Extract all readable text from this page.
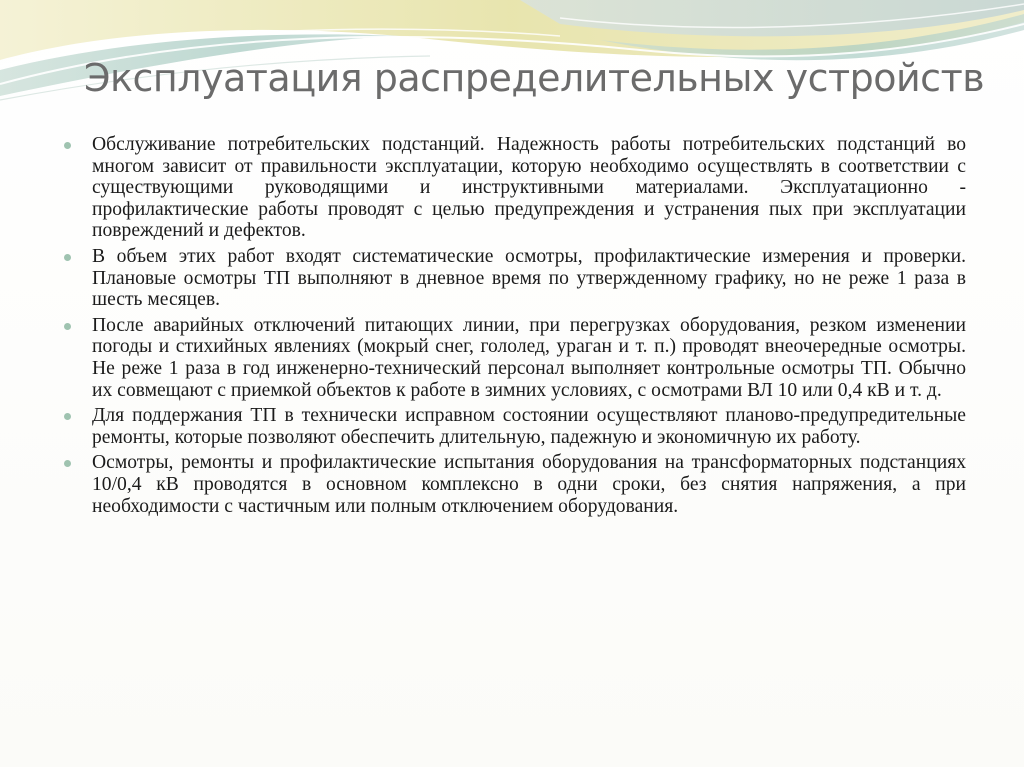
Эксплуатация распределительных устройств
Обслуживание потребительских подстанций. Надежность работы потребительских подстанций во многом зависит от правильности эксплуатации, которую необходимо осуществлять в соответствии с существующими руководящими и инструктивными материалами. Эксплуатационно - профилактические работы проводят с целью предупреждения и устранения пых при эксплуатации повреждений и дефектов.
В объем этих работ входят систематические осмотры, профилактические измерения и проверки. Плановые осмотры ТП выполняют в дневное время по утвержденному графику, но не реже 1 раза в шесть месяцев.
После аварийных отключений питающих линии, при перегрузках оборудования, резком изменении погоды и стихийных явлениях (мокрый снег, гололед, ураган и т. п.) проводят внеочередные осмотры. Не реже 1 раза в год инженерно-технический персонал выполняет контрольные осмотры ТП. Обычно их совмещают с приемкой объектов к работе в зимних условиях, с осмотрами ВЛ 10 или 0,4 кВ и т. д.
Для поддержания ТП в технически исправном состоянии осуществляют планово-предупредительные ремонты, которые позволяют обеспечить длительную, падежную и экономичную их работу.
Осмотры, ремонты и профилактические испытания оборудования на трансформаторных подстанциях 10/0,4 кВ проводятся в основном комплексно в одни сроки, без снятия напряжения, а при необходимости с частичным или полным отключением оборудования.
